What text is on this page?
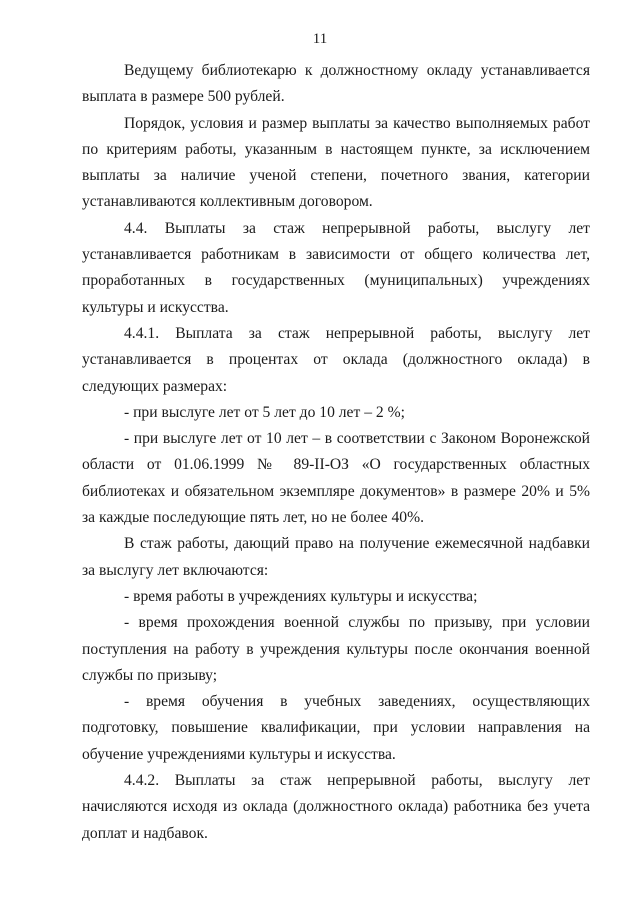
11

Ведущему библиотекарю к должностному окладу устанавливается выплата в размере 500 рублей.

Порядок, условия и размер выплаты за качество выполняемых работ по критериям работы, указанным в настоящем пункте, за исключением выплаты за наличие ученой степени, почетного звания, категории устанавливаются коллективным договором.

4.4. Выплаты за стаж непрерывной работы, выслугу лет устанавливается работникам в зависимости от общего количества лет, проработанных в государственных (муниципальных) учреждениях культуры и искусства.

4.4.1. Выплата за стаж непрерывной работы, выслугу лет устанавливается в процентах от оклада (должностного оклада) в следующих размерах:

- при выслуге лет от 5 лет до 10 лет – 2 %;

- при выслуге лет от 10 лет – в соответствии с Законом Воронежской области от 01.06.1999 № 89-II-ОЗ «О государственных областных библиотеках и обязательном экземпляре документов» в размере 20% и 5% за каждые последующие пять лет, но не более 40%.

В стаж работы, дающий право на получение ежемесячной надбавки за выслугу лет включаются:

- время работы в учреждениях культуры и искусства;

- время прохождения военной службы по призыву, при условии поступления на работу в учреждения культуры после окончания военной службы по призыву;

- время обучения в учебных заведениях, осуществляющих подготовку, повышение квалификации, при условии направления на обучение учреждениями культуры и искусства.

4.4.2. Выплаты за стаж непрерывной работы, выслугу лет начисляются исходя из оклада (должностного оклада) работника без учета доплат и надбавок.
